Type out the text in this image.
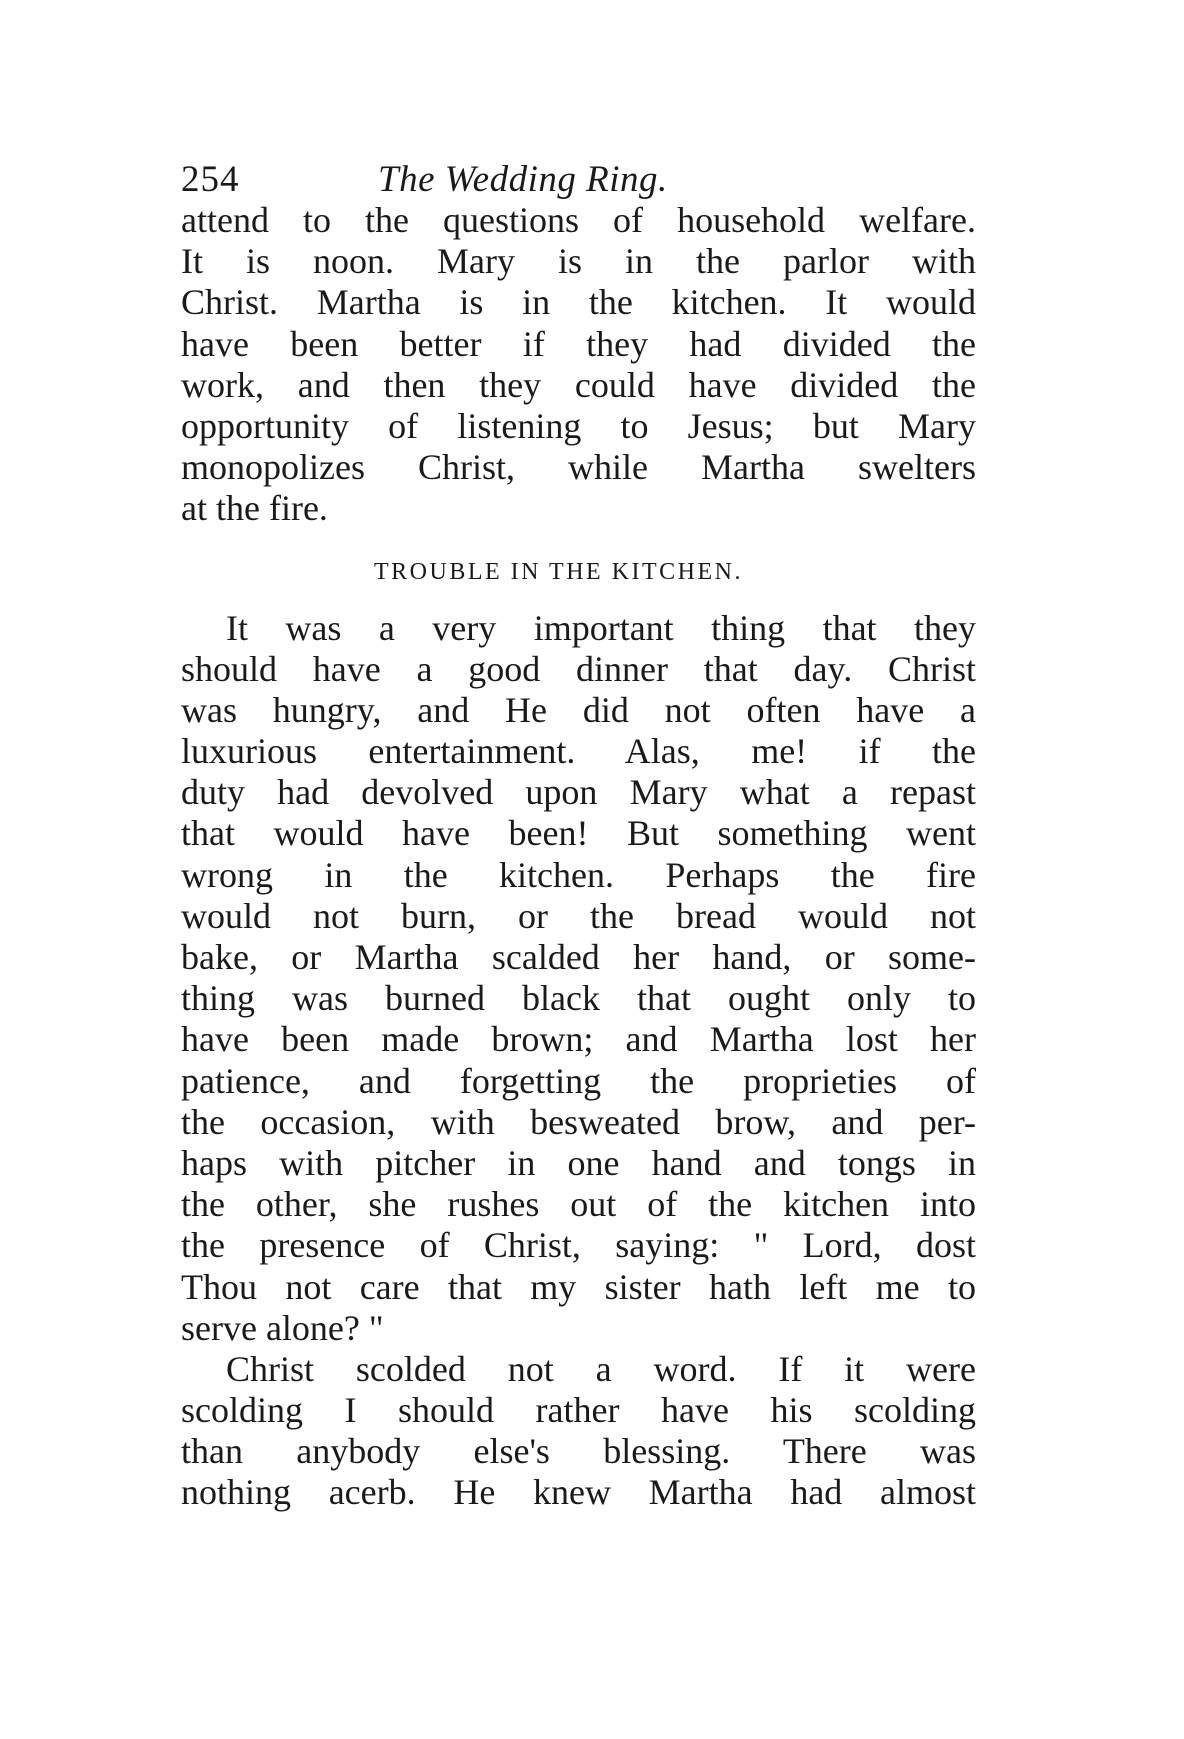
254	The Wedding Ring.
attend to the questions of household welfare.
It is noon. Mary is in the parlor with
Christ. Martha is in the kitchen. It would
have been better if they had divided the
work, and then they could have divided the
opportunity of listening to Jesus; but Mary
monopolizes Christ, while Martha swelters
at the fire.
TROUBLE IN THE KITCHEN.
It was a very important thing that they
should have a good dinner that day. Christ
was hungry, and He did not often have a
luxurious entertainment. Alas, me! if the
duty had devolved upon Mary what a repast
that would have been! But something went
wrong in the kitchen. Perhaps the fire
would not burn, or the bread would not
bake, or Martha scalded her hand, or some-
thing was burned black that ought only to
have been made brown; and Martha lost her
patience, and forgetting the proprieties of
the occasion, with besweated brow, and per-
haps with pitcher in one hand and tongs in
the other, she rushes out of the kitchen into
the presence of Christ, saying: " Lord, dost
Thou not care that my sister hath left me to
serve alone? "
Christ scolded not a word. If it were
scolding I should rather have his scolding
than anybody else's blessing. There was
nothing acerb. He knew Martha had almost
